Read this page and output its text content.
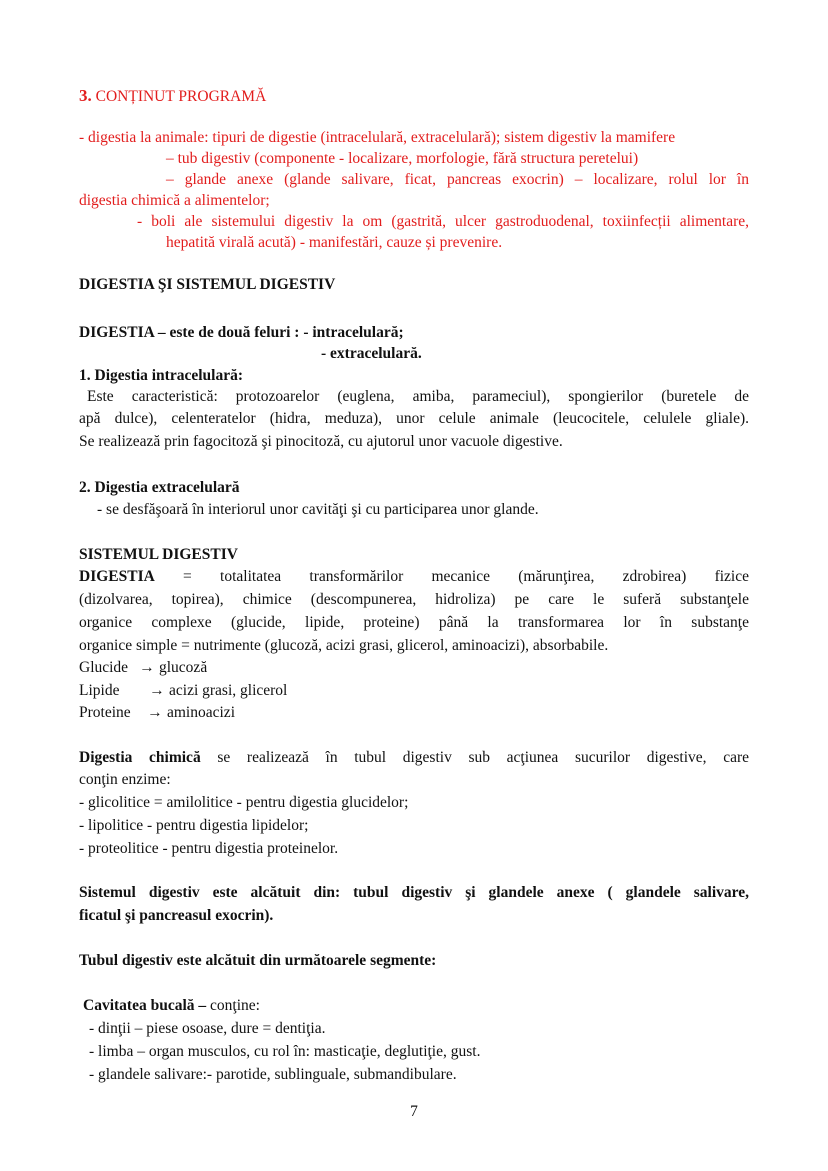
3. CONȚINUT PROGRAMĂ
- digestia la animale: tipuri de digestie (intracelulară, extracelulară); sistem digestiv la mamifere
– tub digestiv (componente - localizare, morfologie, fără structura peretelui)
– glande anexe (glande salivare, ficat, pancreas exocrin) – localizare, rolul lor în
digestia chimică a alimentelor;
- boli ale sistemului digestiv la om (gastrită, ulcer gastroduodenal, toxiinfecții alimentare,
hepatită virală acută) - manifestări, cauze și prevenire.
DIGESTIA ŞI SISTEMUL DIGESTIV
DIGESTIA – este de două feluri : - intracelulară;
- extracelulară.
1. Digestia intracelulară:
Este caracteristică: protozoarelor (euglena, amiba, parameciul), spongierilor (buretele de
apă dulce), celenteratelor (hidra, meduza), unor celule animale (leucocitele, celulele gliale).
Se realizează prin fagocitoză şi pinocitoză, cu ajutorul unor vacuole digestive.
2. Digestia extracelulară
- se desfăşoară în interiorul unor cavităţi şi cu participarea unor glande.
SISTEMUL DIGESTIV
DIGESTIA = totalitatea transformărilor mecanice (mărunţirea, zdrobirea) fizice
(dizolvarea, topirea), chimice (descompunerea, hidroliza) pe care le suferă substanţele
organice complexe (glucide, lipide, proteine) până la transformarea lor în substanţe
organice simple = nutrimente (glucoză, acizi grasi, glicerol, aminoacizi), absorbabile.
Glucide → glucoză
Lipide → acizi grasi, glicerol
Proteine → aminoacizi
Digestia chimică se realizează în tubul digestiv sub acţiunea sucurilor digestive, care
conţin enzime:
- glicolitice = amilolitice - pentru digestia glucidelor;
- lipolitice - pentru digestia lipidelor;
- proteolitice - pentru digestia proteinelor.
Sistemul digestiv este alcătuit din: tubul digestiv şi glandele anexe ( glandele salivare,
ficatul şi pancreasul exocrin).
Tubul digestiv este alcătuit din următoarele segmente:
Cavitatea bucală – conţine:
- dinţii – piese osoase, dure = dentiţia.
- limba – organ musculos, cu rol în: masticaţie, deglutiţie, gust.
- glandele salivare:- parotide, sublinguale, submandibulare.
7
